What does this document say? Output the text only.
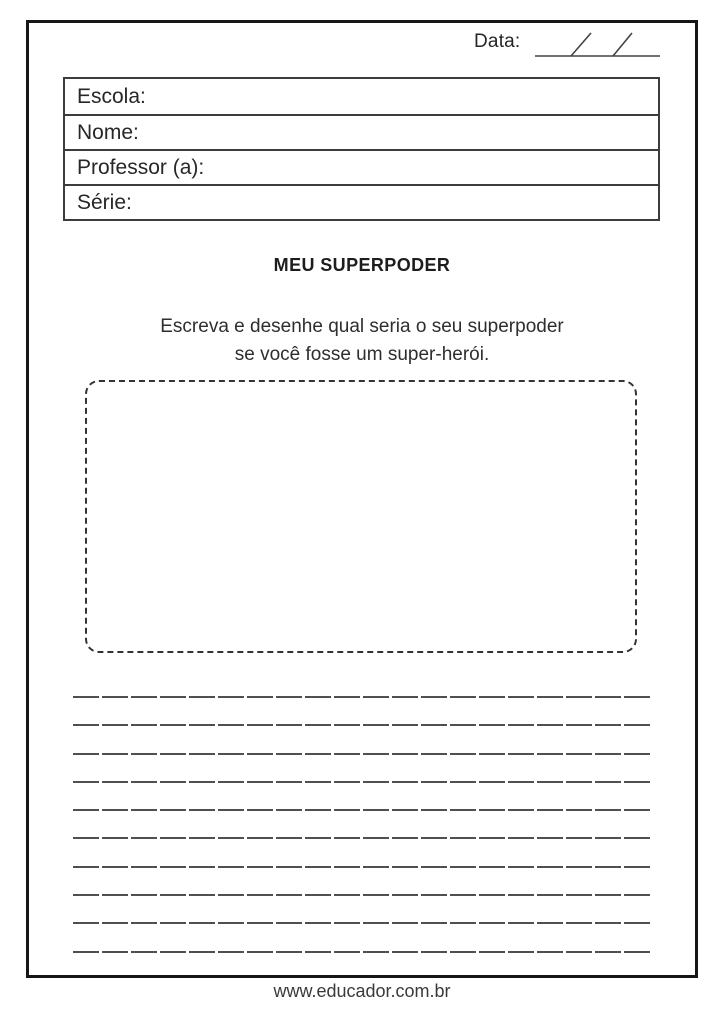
Data:
Escola:
Nome:
Professor (a):
Série:
MEU SUPERPODER
Escreva e desenhe qual seria o seu superpoder
se você fosse um super-herói.
www.educador.com.br
